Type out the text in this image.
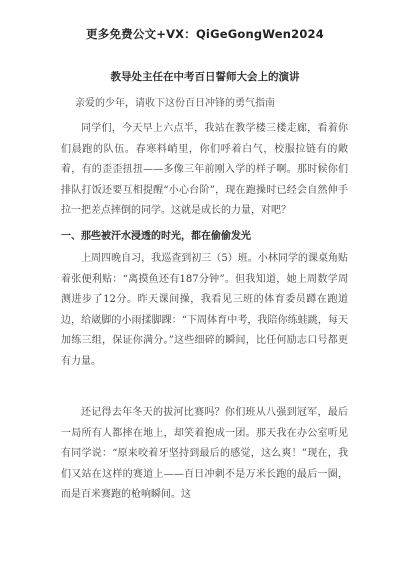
更多免费公文+VX：QiGeGongWen2024
教导处主任在中考百日誓师大会上的演讲
亲爱的少年，请收下这份百日冲锋的勇气指南
同学们，今天早上六点半，我站在教学楼三楼走廊，看着你们晨跑的队伍。春寒料峭里，你们呼着白气，校服拉链有的敞着，有的歪歪扭扭——多像三年前刚入学的样子啊。那时候你们排队打饭还要互相提醒“小心台阶”，现在跑操时已经会自然伸手拉一把差点摔倒的同学。这就是成长的力量，对吧？
一、那些被汗水浸透的时光，都在偷偷发光
上周四晚自习，我巡查到初三（5）班。小林同学的课桌角贴着张便利贴：“离摸鱼还有187分钟”。但我知道，她上周数学周测进步了12分。昨天课间操，我看见三班的体育委员蹲在跑道边，给崴脚的小雨揉脚踝：“下周体育中考，我陪你练蛙跳，每天加练三组，保证你满分。”这些细碎的瞬间，比任何励志口号都更有力量。
还记得去年冬天的拔河比赛吗？你们班从八强到冠军，最后一局所有人都摔在地上，却笑着抱成一团。那天我在办公室听见有同学说：“原来咬着牙坚持到最后的感觉，这么爽！”现在，我们又站在这样的赛道上——百日冲刺不是万米长跑的最后一圈，而是百米赛跑的枪响瞬间。这
